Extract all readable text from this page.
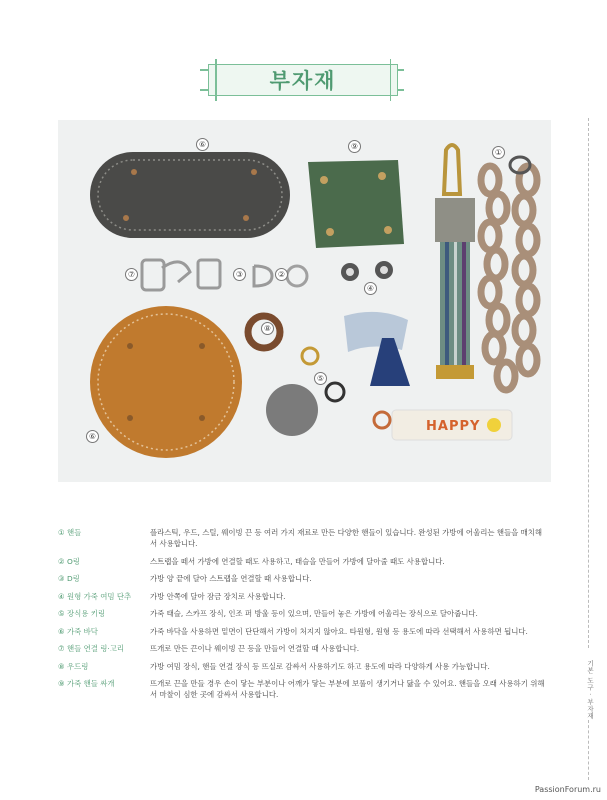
부자재
⑥	⑨
①
⑦	③	②
④
⑧
⑤
⑥
HAPPY
① 핸들	플라스틱, 우드, 스틸, 웨이빙 끈 등 여러 가지 재료로 만든 다양한 핸들이 있습니다. 완성된 가방에 어울리는 핸들을 매치해서 사용합니다.
② O링	스트랩을 떼서 가방에 연결할 때도 사용하고, 태슬을 만들어 가방에 달아줄 때도 사용합니다.
③ D링	가방 양 끝에 달아 스트랩을 연결할 때 사용합니다.
④ 원형 가죽 여밈 단추	가방 안쪽에 달아 잠금 장치로 사용합니다.
⑤ 장식용 키링	가죽 태슬, 스카프 장식, 인조 퍼 방울 등이 있으며, 만들어 놓은 가방에 어울리는 장식으로 달아줍니다.
⑥ 가죽 바닥	가죽 바닥을 사용하면 밑면이 단단해서 가방이 처지지 않아요. 타원형, 원형 등 용도에 따라 선택해서 사용하면 됩니다.
⑦ 핸들 연결 링·고리	뜨개로 만든 끈이나 웨이빙 끈 등을 만들어 연결할 때 사용합니다.
⑧ 우드링	가방 여밈 장식, 핸들 연결 장식 등 뜨실로 감싸서 사용하기도 하고 용도에 따라 다양하게 사용 가능합니다.
⑨ 가죽 핸들 싸개	뜨개로 끈을 만들 경우 손이 닿는 부분이나 어깨가 닿는 부분에 보풀이 생기거나 닳을 수 있어요. 핸들을 오래 사용하기 위해서 마찰이 심한 곳에 감싸서 사용합니다.	기본 도구 · 부자재
PassionForum.ru
